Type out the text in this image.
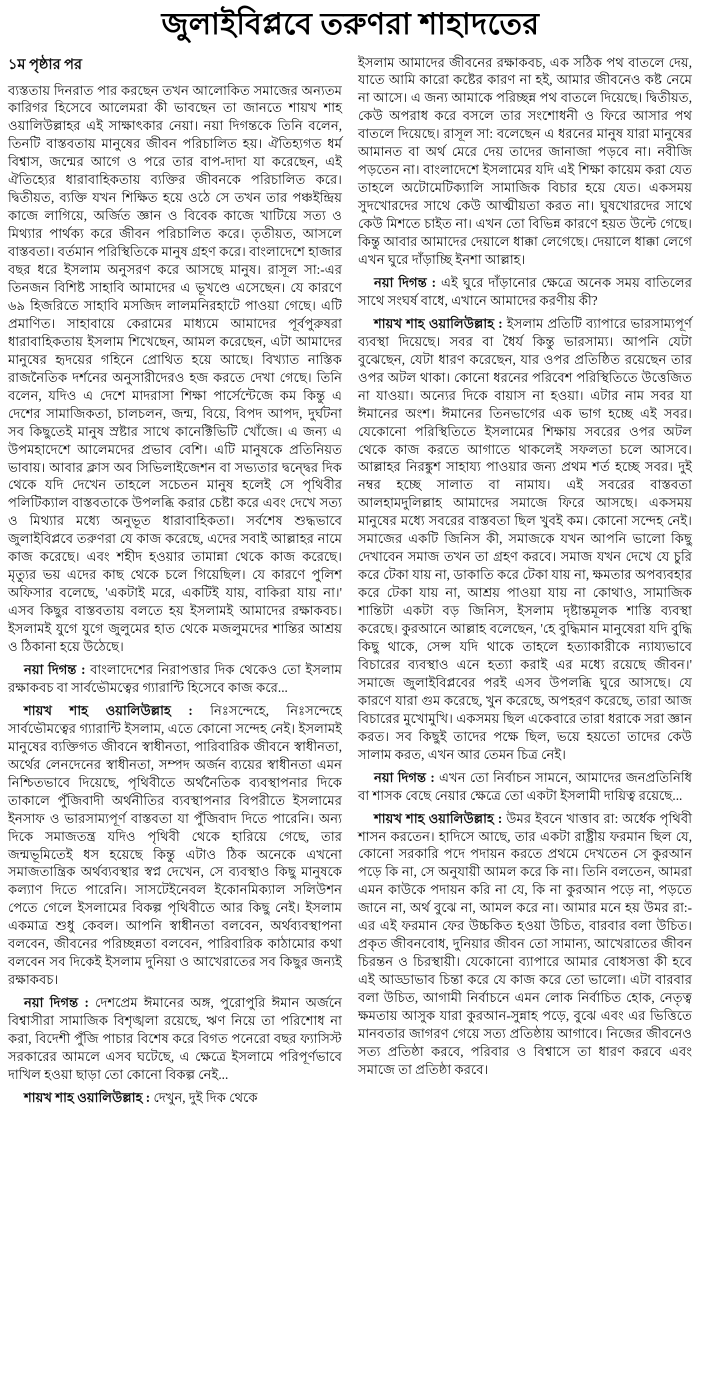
জুলাইবিপ্লবে তরুণরা শাহাদতের
১ম পৃষ্ঠার পর

ব্যস্ততায় দিনরাত পার করছেন তখন আলোকিত সমাজের অন্যতম কারিগর হিসেবে আলেমরা কী ভাবছেন তা জানতে শায়খ শাহ ওয়ালিউল্লাহর এই সাক্ষাৎকার নেয়া। নয়া দিগন্তকে তিনি বলেন, তিনটি বাস্তবতায় মানুষের জীবন পরিচালিত হয়। ঐতিহ্যগত ধর্ম বিশ্বাস, জন্মের আগে ও পরে তার বাপ-দাদা যা করেছেন, এই ঐতিহ্যের ধারাবাহিকতায় ব্যক্তির জীবনকে পরিচালিত করে। দ্বিতীয়ত, ব্যক্তি যখন শিক্ষিত হয়ে ওঠে সে তখন তার পঞ্চইন্দ্রিয় কাজে লাগিয়ে, অর্জিত জ্ঞান ও বিবেক কাজে খাটিয়ে সত্য ও মিথ্যার পার্থক্য করে জীবন পরিচালিত করে। তৃতীয়ত, আসলে বাস্তবতা। বর্তমান পরিস্থিতিকে মানুষ গ্রহণ করে। বাংলাদেশে হাজার বছর ধরে ইসলাম অনুসরণ করে আসছে মানুষ। রাসূল সা:-এর তিনজন বিশিষ্ট সাহাবি আমাদের এ ভূখণ্ডে এসেছেন। যে কারণে ৬৯ হিজরিতে সাহাবি মসজিদ লালমনিরহাটে পাওয়া গেছে। এটি প্রমাণিত। সাহাবায়ে কেরামের মাধ্যমে আমাদের পূর্বপুরুষরা ধারাবাহিকতায় ইসলাম শিখেছেন, আমল করেছেন, এটা আমাদের মানুষের হৃদয়ের গহিনে প্রোথিত হয়ে আছে। বিখ্যাত নাস্তিক রাজনৈতিক দর্শনের অনুসারীদেরও হজ করতে দেখা গেছে। তিনি বলেন, যদিও এ দেশে মাদরাসা শিক্ষা পার্সেন্টেজে কম কিন্তু এ দেশের সামাজিকতা, চালচলন, জন্ম, বিয়ে, বিপদ আপদ, দুর্ঘটনা সব কিছুতেই মানুষ স্রষ্টার সাথে কানেক্টিভিটি খোঁজে। এ জন্য এ উপমহাদেশে আলেমদের প্রভাব বেশি। এটি মানুষকে প্রতিনিয়ত ভাবায়। আবার ক্লাস অব সিভিলাইজেশন বা সভ্যতার দ্বন্দ্বের দিক থেকে যদি দেখেন তাহলে সচেতন মানুষ হলেই সে পৃথিবীর পলিটিক্যাল বাস্তবতাকে উপলব্ধি করার চেষ্টা করে এবং দেখে সত্য ও মিথ্যার মধ্যে অনুভূত ধারাবাহিকতা। সর্বশেষ শুদ্ধভাবে জুলাইবিপ্লবে তরুণরা যে কাজ করেছে, এদের সবাই আল্লাহর নামে কাজ করেছে। এবং শহীদ হওয়ার তামান্না থেকে কাজ করেছে। মৃত্যুর ভয় এদের কাছ থেকে চলে গিয়েছিল। যে কারণে পুলিশ অফিসার বলেছে, 'একটাই মরে, একটিই যায়, বাকিরা যায় না।' এসব কিছুর বাস্তবতায় বলতে হয় ইসলামই আমাদের রক্ষাকবচ। ইসলামই যুগে যুগে জুলুমের হাত থেকে মজলুমদের শান্তির আশ্রয় ও ঠিকানা হয়ে উঠেছে।

নয়া দিগন্ত : বাংলাদেশের নিরাপত্তার দিক থেকেও তো ইসলাম রক্ষাকবচ বা সার্বভৌমত্বের গ্যারান্টি হিসেবে কাজ করে...

শায়খ শাহ ওয়ালিউল্লাহ : নিঃসন্দেহে, নিঃসন্দেহে সার্বভৌমত্বের গ্যারান্টি ইসলাম, এতে কোনো সন্দেহ নেই। ইসলামই মানুষের ব্যক্তিগত জীবনে স্বাধীনতা, পারিবারিক জীবনে স্বাধীনতা, অর্থের লেনদেনের স্বাধীনতা, সম্পদ অর্জন ব্যয়ের স্বাধীনতা এমন নিশ্চিতভাবে দিয়েছে, পৃথিবীতে অর্থনৈতিক ব্যবস্থাপনার দিকে তাকালে পুঁজিবাদী অর্থনীতির ব্যবস্থাপনার বিপরীতে ইসলামের ইনসাফ ও ভারসাম্যপূর্ণ বাস্তবতা যা পুঁজিবাদ দিতে পারেনি। অন্য দিকে সমাজতন্ত্র যদিও পৃথিবী থেকে হারিয়ে গেছে, তার জন্মভূমিতেই ধস হয়েছে কিন্তু এটাও ঠিক অনেকে এখনো সমাজতান্ত্রিক অর্থব্যবস্থার স্বপ্ন দেখেন, সে ব্যবস্থাও কিছু মানুষকে কল্যাণ দিতে পারেনি। সাসটেইনেবল ইকোনমিক্যাল সলিউশন পেতে গেলে ইসলামের বিকল্প পৃথিবীতে আর কিছু নেই। ইসলাম একমাত্র শুধু কেবল। আপনি স্বাধীনতা বলবেন, অর্থব্যবস্থাপনা বলবেন, জীবনের পরিচ্ছন্নতা বলবেন, পারিবারিক কাঠামোর কথা বলবেন সব দিকেই ইসলাম দুনিয়া ও আখেরাতের সব কিছুর জন্যই রক্ষাকবচ।

নয়া দিগন্ত : দেশপ্রেম ঈমানের অঙ্গ, পুরোপুরি ঈমান অর্জনে বিশ্বাসীরা সামাজিক বিশৃঙ্খলা রয়েছে, ঋণ নিয়ে তা পরিশোধ না করা, বিদেশী পুঁজি পাচার বিশেষ করে বিগত পনেরো বছর ফ্যাসিস্ট সরকারের আমলে এসব ঘটেছে, এ ক্ষেত্রে ইসলামে পরিপূর্ণভাবে দাখিল হওয়া ছাড়া তো কোনো বিকল্প নেই...

শায়খ শাহ ওয়ালিউল্লাহ : দেখুন, দুই দিক থেকে

ইসলাম আমাদের জীবনের রক্ষাকবচ, এক সঠিক পথ বাতলে দেয়, যাতে আমি কারো কষ্টের কারণ না হই, আমার জীবনেও কষ্ট নেমে না আসে। এ জন্য আমাকে পরিচ্ছন্ন পথ বাতলে দিয়েছে। দ্বিতীয়ত, কেউ অপরাধ করে বসলে তার সংশোধনী ও ফিরে আসার পথ বাতলে দিয়েছে। রাসূল সা: বলেছেন এ ধরনের মানুষ যারা মানুষের আমানত বা অর্থ মেরে দেয় তাদের জানাজা পড়বে না। নবীজি পড়তেন না। বাংলাদেশে ইসলামের যদি এই শিক্ষা কায়েম করা যেত তাহলে অটোমেটিক্যালি সামাজিক বিচার হয়ে যেত। একসময় সুদখোরদের সাথে কেউ আত্মীয়তা করত না। ঘুষখোরদের সাথে কেউ মিশতে চাইত না। এখন তো বিভিন্ন কারণে হয়ত উল্টে গেছে। কিন্তু আবার আমাদের দেয়ালে ধাক্কা লেগেছে। দেয়ালে ধাক্কা লেগে এখন ঘুরে দাঁড়াচ্ছি ইনশা আল্লাহ।

নয়া দিগন্ত : এই ঘুরে দাঁড়ানোর ক্ষেত্রে অনেক সময় বাতিলের সাথে সংঘর্ষ বাধে, এখানে আমাদের করণীয় কী?

শায়খ শাহ ওয়ালিউল্লাহ : ইসলাম প্রতিটি ব্যাপারে ভারসাম্যপূর্ণ ব্যবস্থা দিয়েছে। সবর বা ধৈর্য কিন্তু ভারসাম্য। আপনি যেটা বুঝেছেন, যেটা ধারণ করেছেন, যার ওপর প্রতিষ্ঠিত রয়েছেন তার ওপর অটল থাকা। কোনো ধরনের পরিবেশ পরিস্থিতিতে উত্তেজিত না যাওয়া। অন্যের দিকে বায়াস না হওয়া। এটার নাম সবর যা ঈমানের অংশ। ঈমানের তিনভাগের এক ভাগ হচ্ছে এই সবর। যেকোনো পরিস্থিতিতে ইসলামের শিক্ষায় সবরের ওপর অটল থেকে কাজ করতে আগাতে থাকলেই সফলতা চলে আসবে। আল্লাহর নিরঙ্কুশ সাহায্য পাওয়ার জন্য প্রথম শর্ত হচ্ছে সবর। দুই নম্বর হচ্ছে সালাত বা নামায। এই সবরের বাস্তবতা আলহামদুলিল্লাহ আমাদের সমাজে ফিরে আসছে। একসময় মানুষের মধ্যে সবরের বাস্তবতা ছিল খুবই কম। কোনো সন্দেহ নেই। সমাজের একটি জিনিস কী, সমাজকে যখন আপনি ভালো কিছু দেখাবেন সমাজ তখন তা গ্রহণ করবে। সমাজ যখন দেখে যে চুরি করে টেকা যায় না, ডাকাতি করে টেকা যায় না, ক্ষমতার অপব্যবহার করে টেকা যায় না, আশ্রয় পাওয়া যায় না কোথাও, সামাজিক শান্তিটা একটা বড় জিনিস, ইসলাম দৃষ্টান্তমূলক শাস্তি ব্যবস্থা করেছে। কুরআনে আল্লাহ বলেছেন, 'হে বুদ্ধিমান মানুষেরা যদি বুদ্ধি কিছু থাকে, সেন্স যদি থাকে তাহলে হত্যাকারীকে ন্যায্যভাবে বিচারের ব্যবস্থাও এনে হত্যা করাই এর মধ্যে রয়েছে জীবন।' সমাজে জুলাইবিপ্লবের পরই এসব উপলব্ধি ঘুরে আসছে। যে কারণে যারা গুম করেছে, খুন করেছে, অপহরণ করেছে, তারা আজ বিচারের মুখোমুখি। একসময় ছিল একেবারে তারা ধরাকে সরা জ্ঞান করত। সব কিছুই তাদের পক্ষে ছিল, ভয়ে হয়তো তাদের কেউ সালাম করত, এখন আর তেমন চিত্র নেই।

নয়া দিগন্ত : এখন তো নির্বাচন সামনে, আমাদের জনপ্রতিনিধি বা শাসক বেছে নেয়ার ক্ষেত্রে তো একটা ইসলামী দায়িত্ব রয়েছে...

শায়খ শাহ ওয়ালিউল্লাহ : উমর ইবনে খাত্তাব রা: অর্ধেক পৃথিবী শাসন করতেন। হাদিসে আছে, তার একটা রাষ্ট্রীয় ফরমান ছিল যে, কোনো সরকারি পদে পদায়ন করতে প্রথমে দেখতেন সে কুরআন পড়ে কি না, সে অনুযায়ী আমল করে কি না। তিনি বলতেন, আমরা এমন কাউকে পদায়ন করি না যে, কি না কুরআন পড়ে না, পড়তে জানে না, অর্থ বুঝে না, আমল করে না। আমার মনে হয় উমর রা:-এর এই ফরমান ফের উচ্চকিত হওয়া উচিত, বারবার বলা উচিত। প্রকৃত জীবনবোধ, দুনিয়ার জীবন তো সামান্য, আখেরাতের জীবন চিরন্তন ও চিরস্থায়ী। যেকোনো ব্যাপারে আমার বোধসত্তা কী হবে এই আড্ডাভাব চিন্তা করে যে কাজ করে তো ভালো। এটা বারবার বলা উচিত, আগামী নির্বাচনে এমন লোক নির্বাচিত হোক, নেতৃত্ব ক্ষমতায় আসুক যারা কুরআন-সুন্নাহ পড়ে, বুঝে এবং এর ভিত্তিতে মানবতার জাগরণ গেয়ে সত্য প্রতিষ্ঠায় আগাবে। নিজের জীবনেও সত্য প্রতিষ্ঠা করবে, পরিবার ও বিশ্বাসে তা ধারণ করবে এবং সমাজে তা প্রতিষ্ঠা করবে।
